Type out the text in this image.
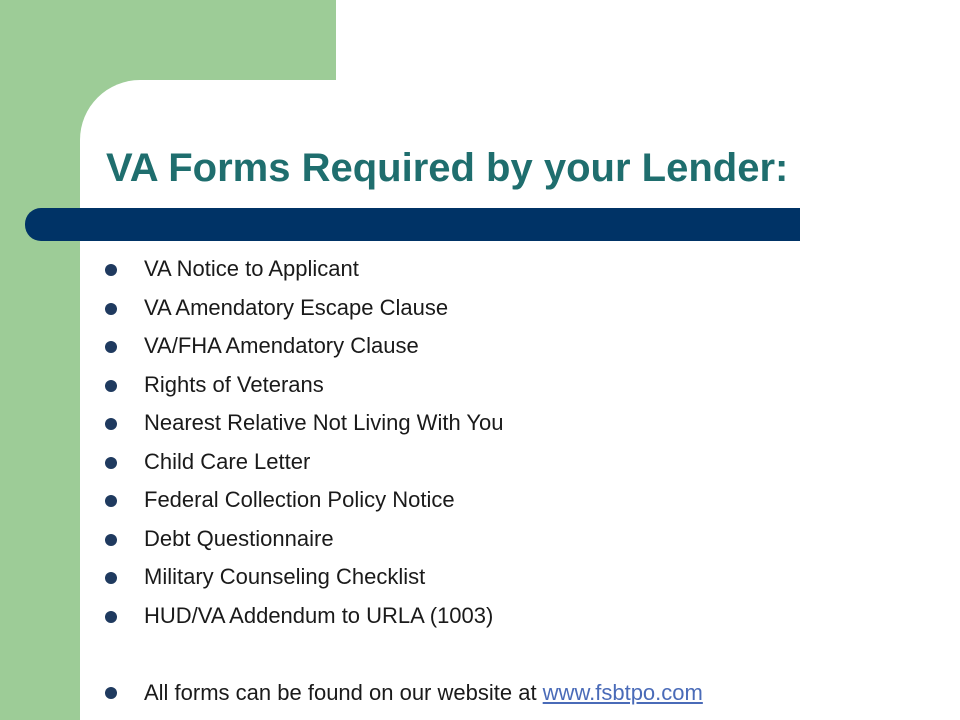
VA Forms Required by your Lender:
VA Notice to Applicant
VA Amendatory Escape Clause
VA/FHA Amendatory Clause
Rights of Veterans
Nearest Relative Not Living With You
Child Care Letter
Federal Collection Policy Notice
Debt Questionnaire
Military Counseling Checklist
HUD/VA Addendum to URLA (1003)
All forms can be found on our website at www.fsbtpo.com
